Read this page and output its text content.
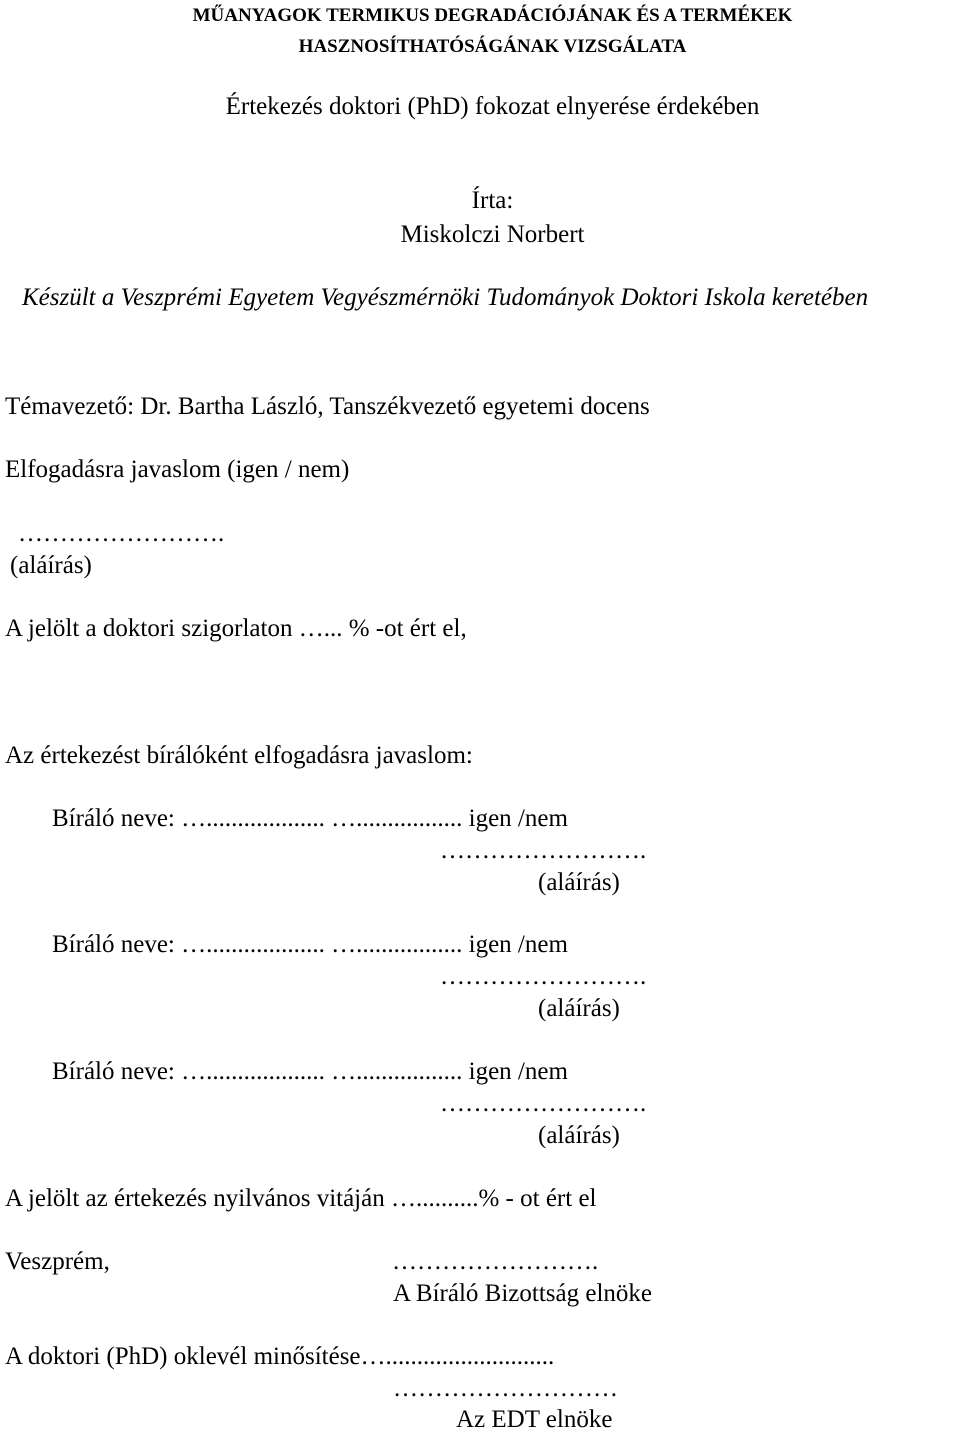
MŰANYAGOK TERMIKUS DEGRADÁCIÓJÁNAK ÉS A TERMÉKEK
HASZNOSÍTHATÓSÁGÁNAK VIZSGÁLATA
Értekezés doktori (PhD) fokozat elnyerése érdekében
Írta:
Miskolczi Norbert
Készült a Veszprémi Egyetem Vegyészmérnöki Tudományok Doktori Iskola keretében
Témavezető: Dr. Bartha László, Tanszékvezető egyetemi docens
Elfogadásra javaslom (igen / nem)
…………………….
(aláírás)
A jelölt a doktori szigorlaton …... % -ot ért el,
Az értekezést bírálóként elfogadásra javaslom:
Bíráló neve: …................... …................. igen /nem
…………………….
(aláírás)
Bíráló neve: …................... …................. igen /nem
…………………….
(aláírás)
Bíráló neve: …................... …................. igen /nem
…………………….
(aláírás)
A jelölt az értekezés nyilvános vitáján …..........% - ot ért el
Veszprém,	…………………….
A Bíráló Bizottság elnöke
A doktori (PhD) oklevél minősítése…...........................
………………………
Az EDT elnöke
